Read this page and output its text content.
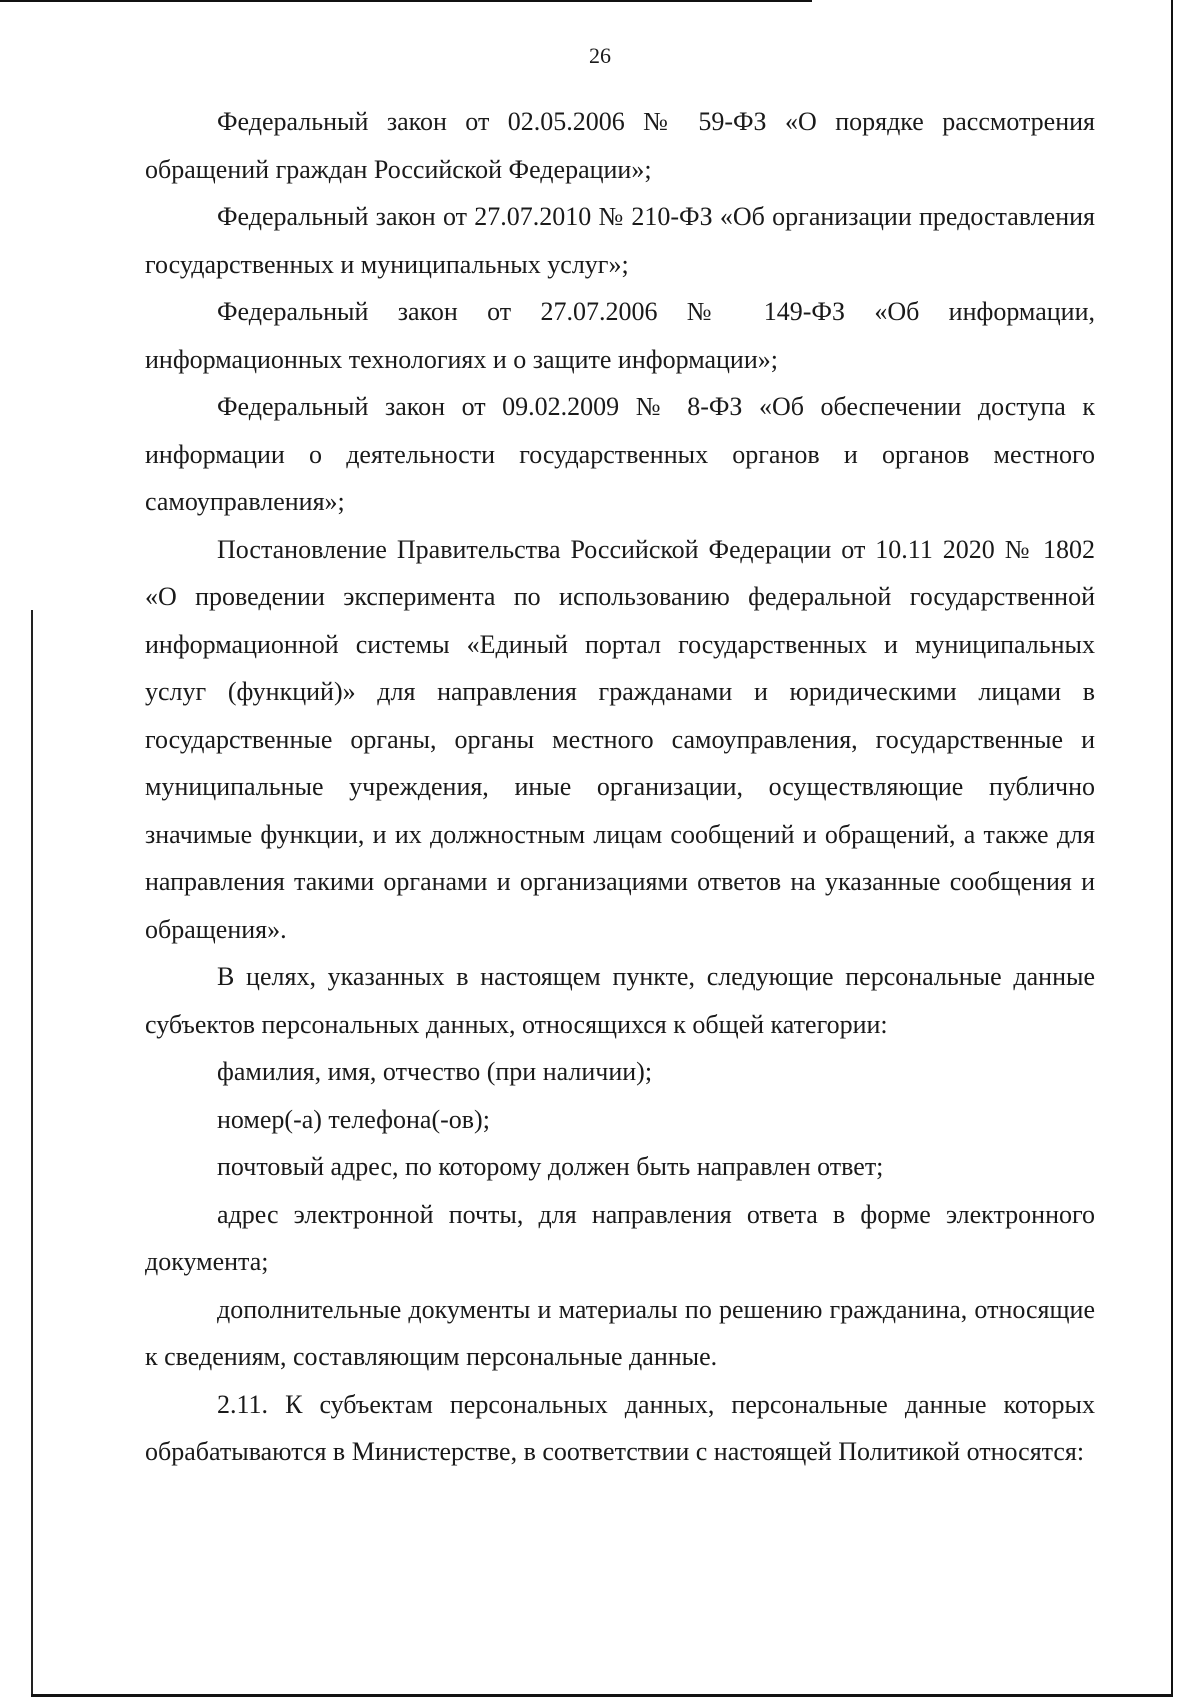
26

Федеральный закон от 02.05.2006 № 59-ФЗ «О порядке рассмотрения обращений граждан Российской Федерации»;

Федеральный закон от 27.07.2010 № 210-ФЗ «Об организации предоставления государственных и муниципальных услуг»;

Федеральный закон от 27.07.2006 № 149-ФЗ «Об информации, информационных технологиях и о защите информации»;

Федеральный закон от 09.02.2009 № 8-ФЗ «Об обеспечении доступа к информации о деятельности государственных органов и органов местного самоуправления»;

Постановление Правительства Российской Федерации от 10.11 2020 № 1802 «О проведении эксперимента по использованию федеральной государственной информационной системы «Единый портал государственных и муниципальных услуг (функций)» для направления гражданами и юридическими лицами в государственные органы, органы местного самоуправления, государственные и муниципальные учреждения, иные организации, осуществляющие публично значимые функции, и их должностным лицам сообщений и обращений, а также для направления такими органами и организациями ответов на указанные сообщения и обращения».

В целях, указанных в настоящем пункте, следующие персональные данные субъектов персональных данных, относящихся к общей категории:

фамилия, имя, отчество (при наличии);

номер(-а) телефона(-ов);

почтовый адрес, по которому должен быть направлен ответ;

адрес электронной почты, для направления ответа в форме электронного документа;

дополнительные документы и материалы по решению гражданина, относящие к сведениям, составляющим персональные данные.

2.11. К субъектам персональных данных, персональные данные которых обрабатываются в Министерстве, в соответствии с настоящей Политикой относятся:
